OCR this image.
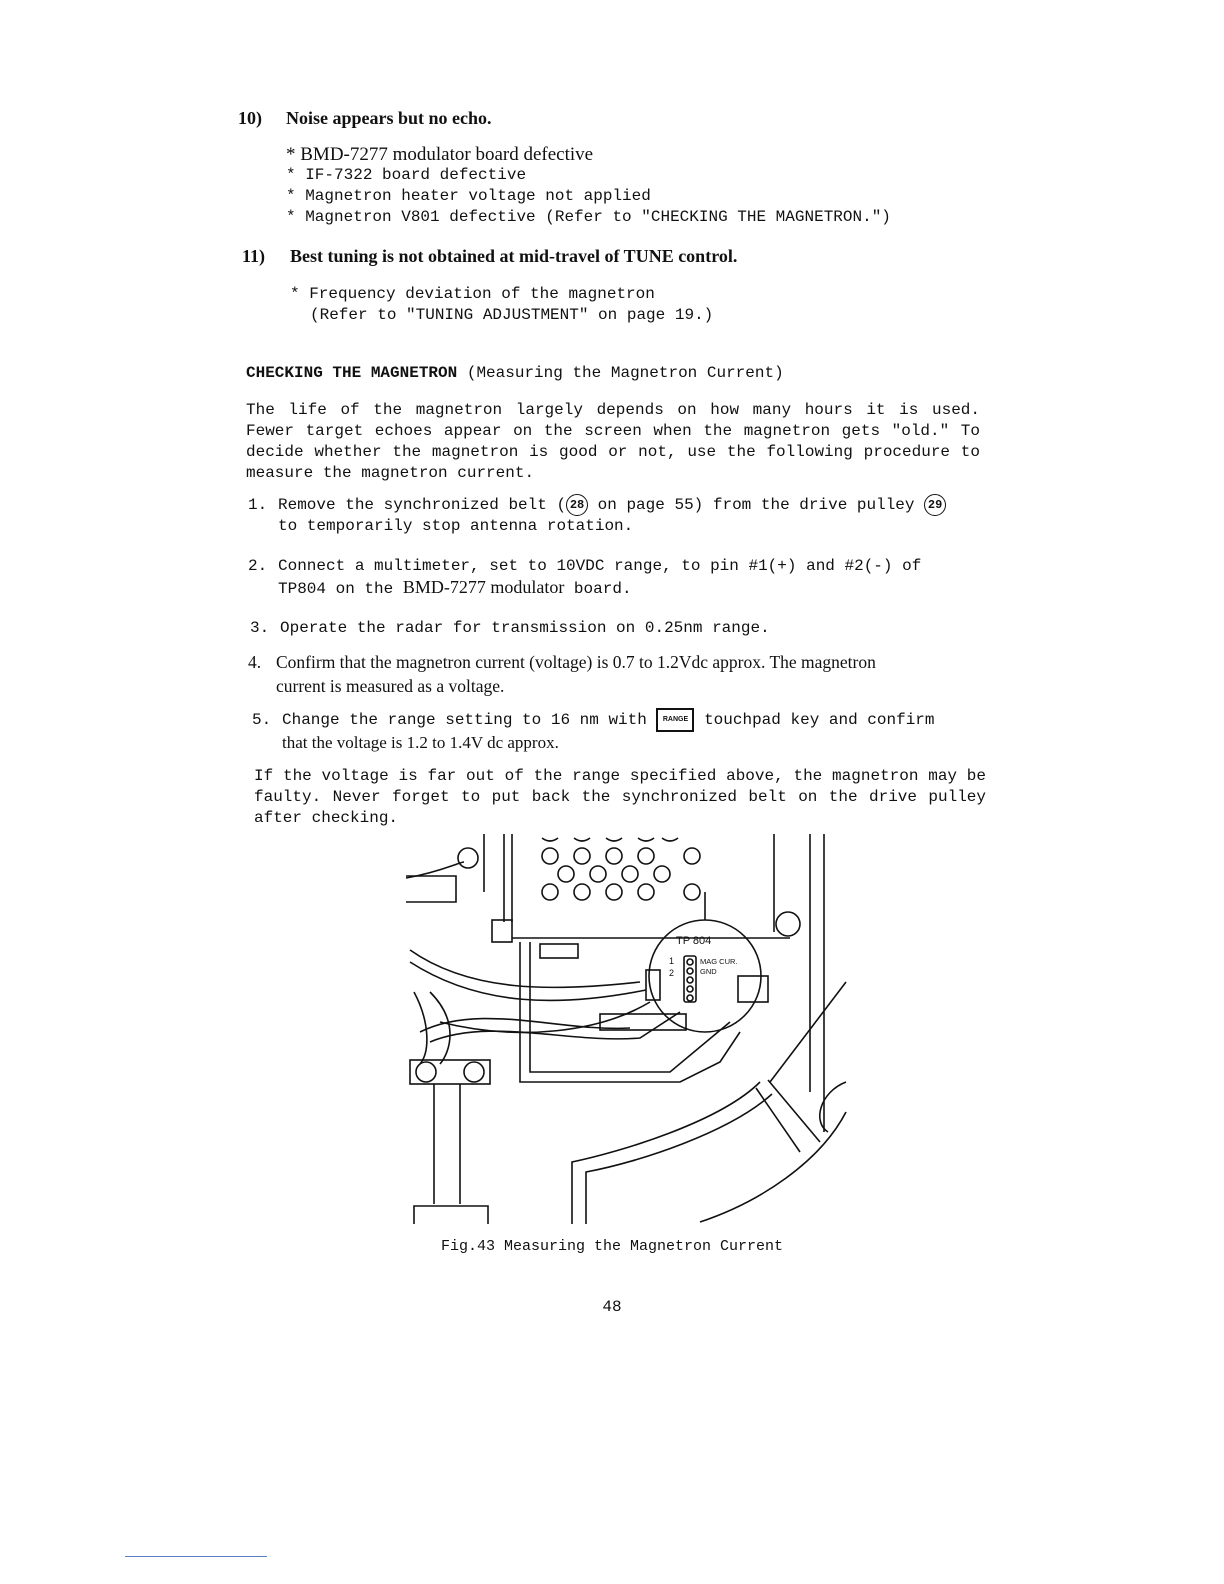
10) Noise appears but no echo.
* BMD-7277 modulator board defective
* IF-7322 board defective
* Magnetron heater voltage not applied
* Magnetron V801 defective (Refer to "CHECKING THE MAGNETRON.")
11) Best tuning is not obtained at mid-travel of TUNE control.
* Frequency deviation of the magnetron
(Refer to "TUNING ADJUSTMENT" on page 19.)
CHECKING THE MAGNETRON (Measuring the Magnetron Current)
The life of the magnetron largely depends on how many hours it is used. Fewer target echoes appear on the screen when the magnetron gets "old." To decide whether the magnetron is good or not, use the following procedure to measure the magnetron current.
1. Remove the synchronized belt ( 28 on page 55) from the drive pulley 29
to temporarily stop antenna rotation.
2. Connect a multimeter, set to 10VDC range, to pin #1(+) and #2(-) of
TP804 on the BMD-7277 modulator board.
3. Operate the radar for transmission on 0.25nm range.
4. Confirm that the magnetron current (voltage) is 0.7 to 1.2Vdc approx. The magnetron
current is measured as a voltage.
5. Change the range setting to 16 nm with RANGE touchpad key and confirm
that the voltage is 1.2 to 1.4V dc approx.
If the voltage is far out of the range specified above, the magnetron may be faulty. Never forget to put back the synchronized belt on the drive pulley after checking.
TP 804
1
2
MAG CUR.
GND
Fig.43 Measuring the Magnetron Current
48
